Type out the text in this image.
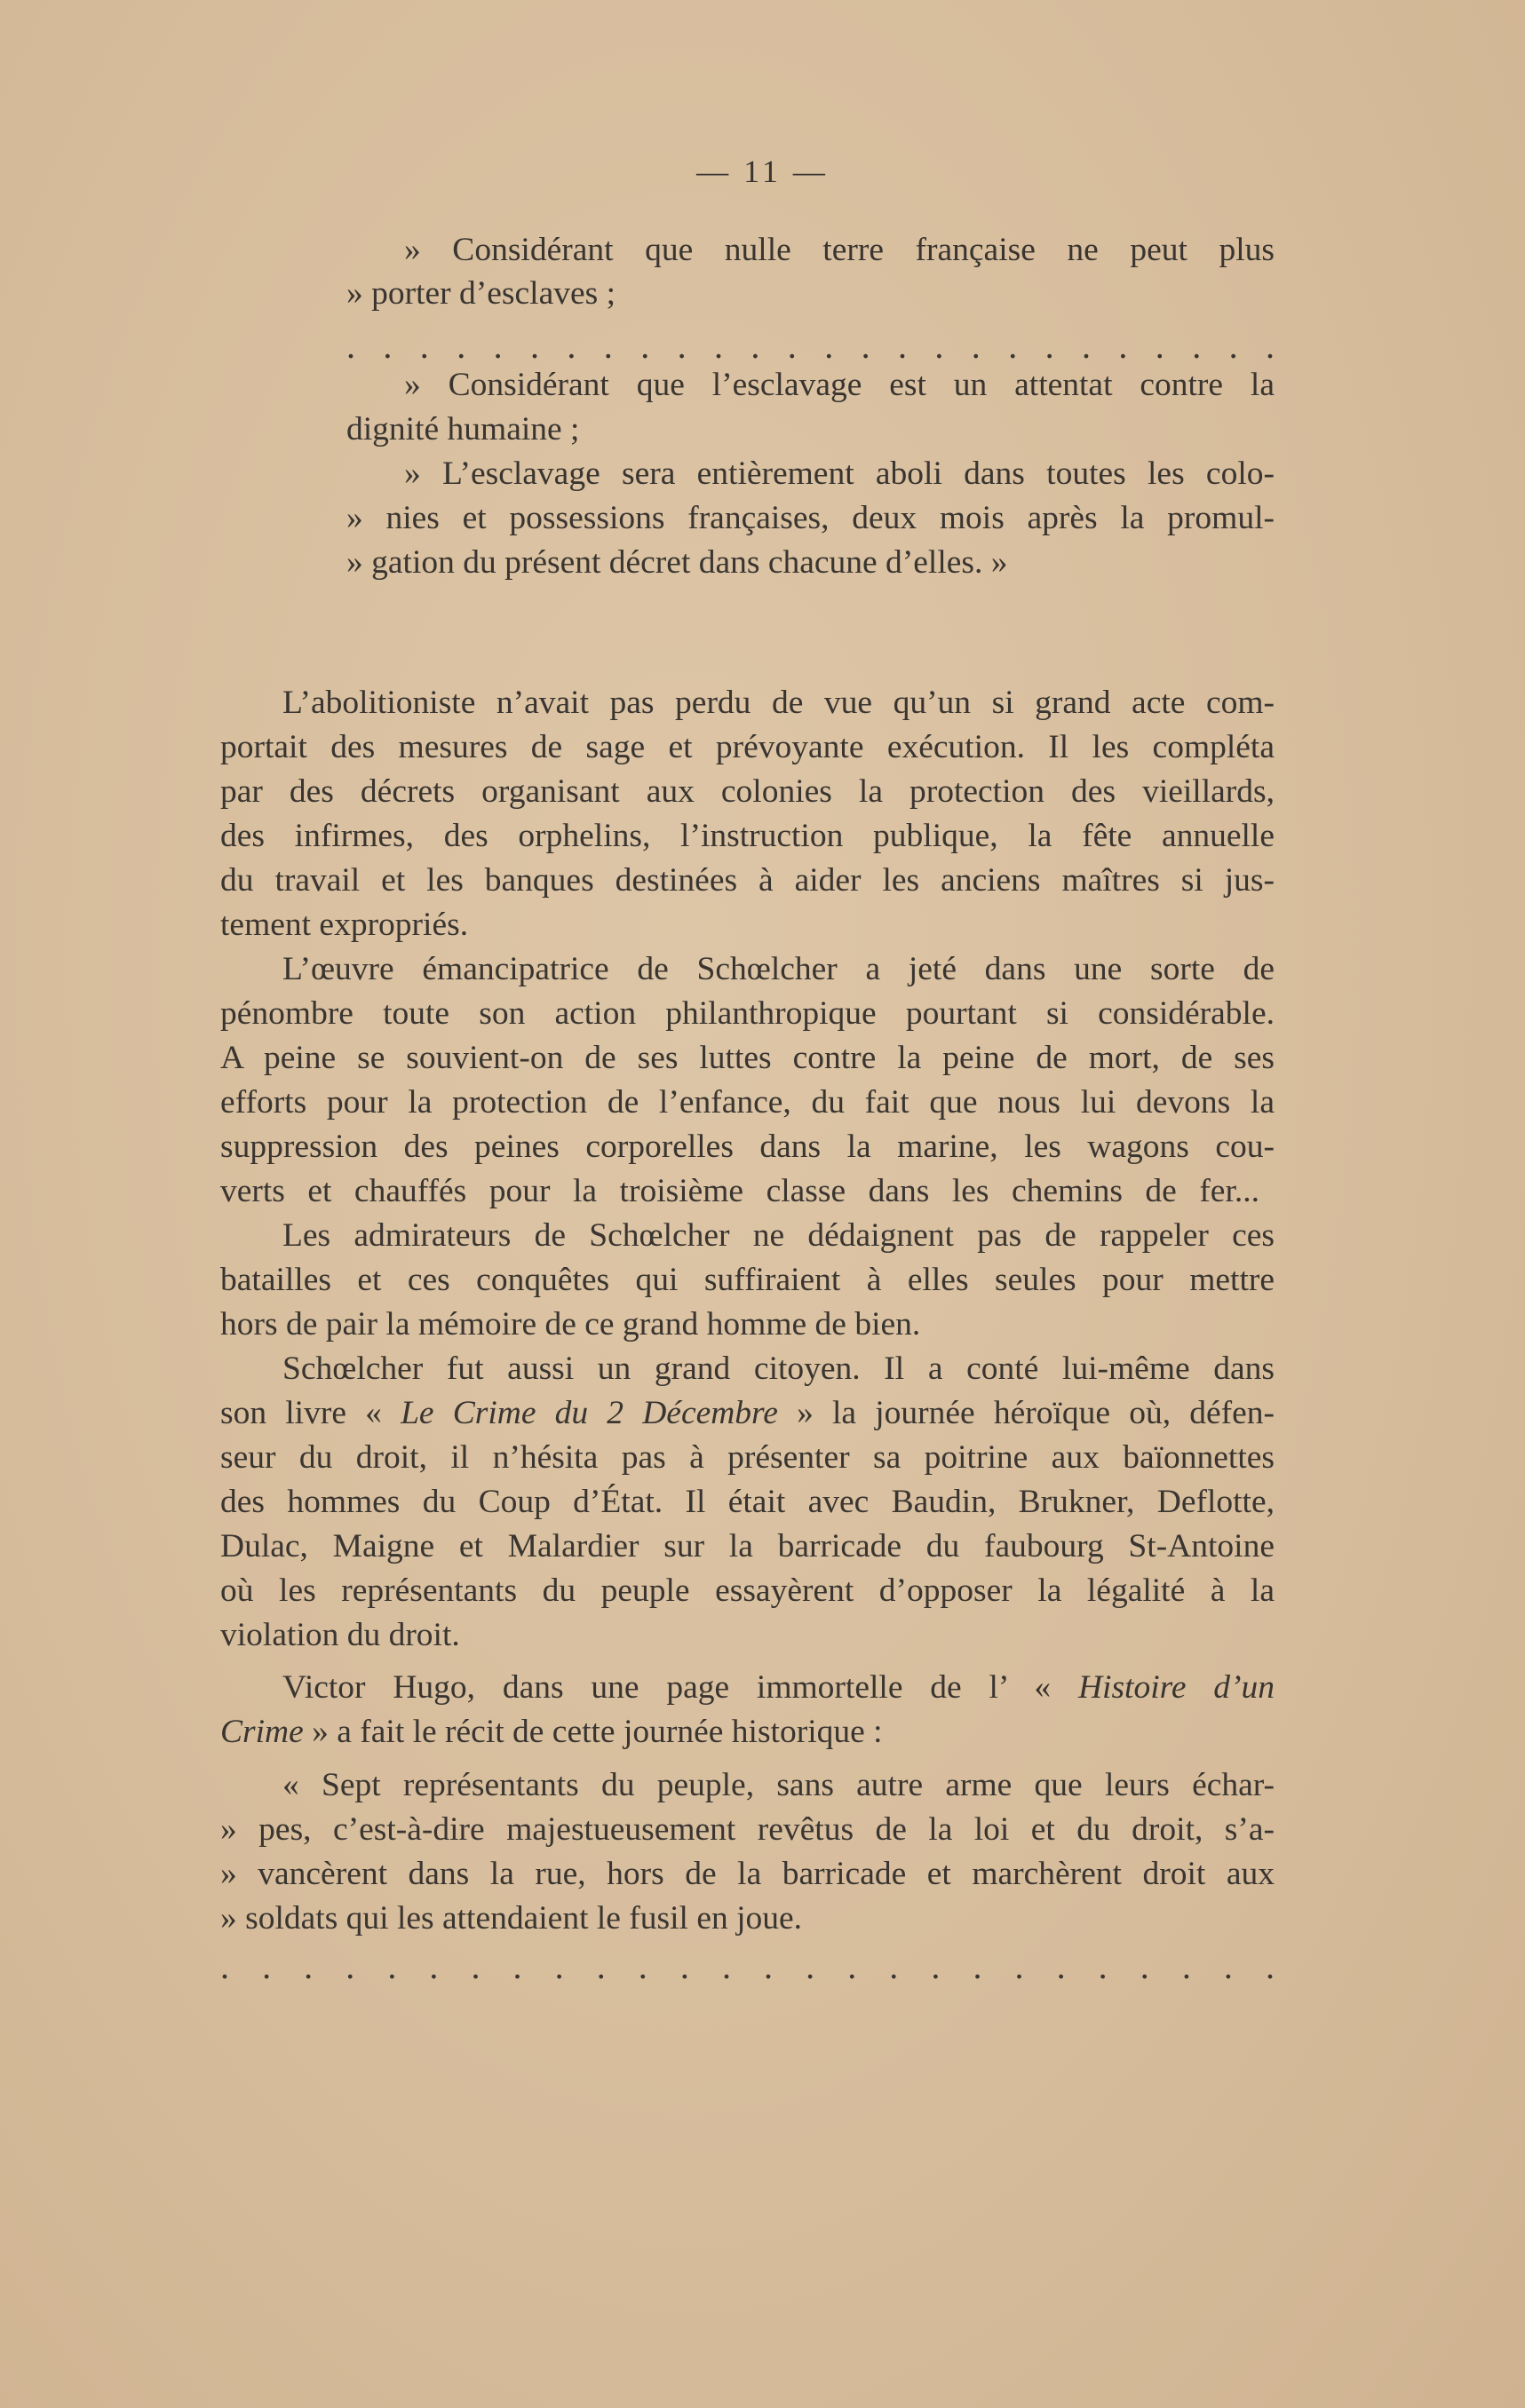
— 11 —
» Considérant que nulle terre française ne peut plus
» porter d’esclaves ;
. . . . . . . . . . . . . . . . . . . . . . . . . .
» Considérant que l’esclavage est un attentat contre la
dignité humaine ;
» L’esclavage sera entièrement aboli dans toutes les colo-
» nies et possessions françaises, deux mois après la promul-
» gation du présent décret dans chacune d’elles. »
L’abolitioniste n’avait pas perdu de vue qu’un si grand acte com-
portait des mesures de sage et prévoyante exécution. Il les compléta
par des décrets organisant aux colonies la protection des vieillards,
des infirmes, des orphelins, l’instruction publique, la fête annuelle
du travail et les banques destinées à aider les anciens maîtres si jus-
tement expropriés.
L’œuvre émancipatrice de Schœlcher a jeté dans une sorte de
pénombre toute son action philanthropique pourtant si considérable.
A peine se souvient-on de ses luttes contre la peine de mort, de ses
efforts pour la protection de l’enfance, du fait que nous lui devons la
suppression des peines corporelles dans la marine, les wagons cou-
verts et chauffés pour la troisième classe dans les chemins de fer...
Les admirateurs de Schœlcher ne dédaignent pas de rappeler ces
batailles et ces conquêtes qui suffiraient à elles seules pour mettre
hors de pair la mémoire de ce grand homme de bien.
Schœlcher fut aussi un grand citoyen. Il a conté lui-même dans
son livre « Le Crime du 2 Décembre » la journée héroïque où, défen-
seur du droit, il n’hésita pas à présenter sa poitrine aux baïonnettes
des hommes du Coup d’État. Il était avec Baudin, Brukner, Deflotte,
Dulac, Maigne et Malardier sur la barricade du faubourg St-Antoine
où les représentants du peuple essayèrent d’opposer la légalité à la
violation du droit.
Victor Hugo, dans une page immortelle de l’ « Histoire d’un
Crime » a fait le récit de cette journée historique :
« Sept représentants du peuple, sans autre arme que leurs échar-
» pes, c’est-à-dire majestueusement revêtus de la loi et du droit, s’a-
» vancèrent dans la rue, hors de la barricade et marchèrent droit aux
» soldats qui les attendaient le fusil en joue.
. . . . . . . . . . . . . . . . . . . . . . . . . .
